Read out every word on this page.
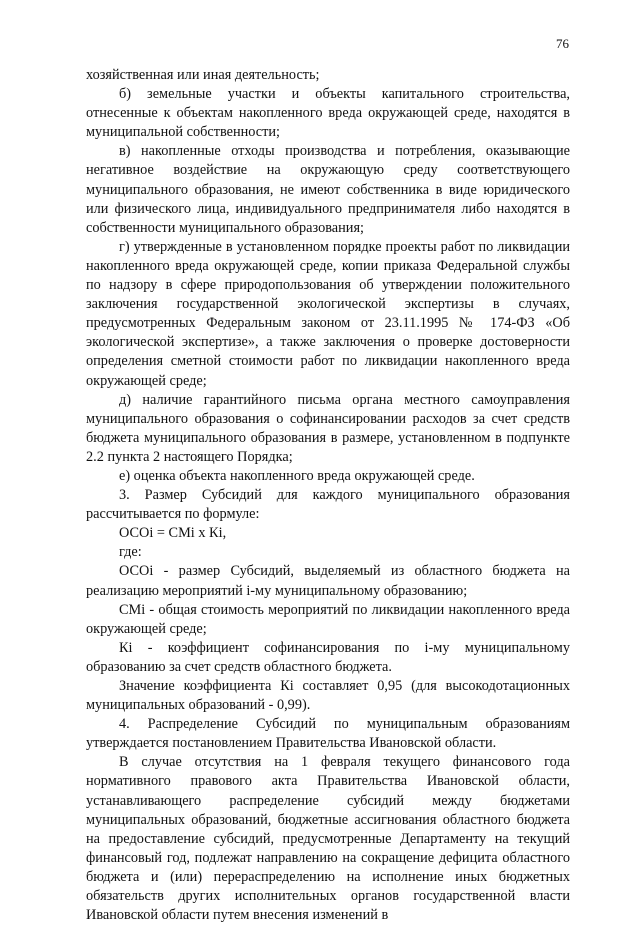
76

хозяйственная или иная деятельность;

б) земельные участки и объекты капитального строительства, отнесенные к объектам накопленного вреда окружающей среде, находятся в муниципальной собственности;

в) накопленные отходы производства и потребления, оказывающие негативное воздействие на окружающую среду соответствующего муниципального образования, не имеют собственника в виде юридического или физического лица, индивидуального предпринимателя либо находятся в собственности муниципального образования;

г) утвержденные в установленном порядке проекты работ по ликвидации накопленного вреда окружающей среде, копии приказа Федеральной службы по надзору в сфере природопользования об утверждении положительного заключения государственной экологической экспертизы в случаях, предусмотренных Федеральным законом от 23.11.1995 № 174-ФЗ «Об экологической экспертизе», а также заключения о проверке достоверности определения сметной стоимости работ по ликвидации накопленного вреда окружающей среде;

д) наличие гарантийного письма органа местного самоуправления муниципального образования о софинансировании расходов за счет средств бюджета муниципального образования в размере, установленном в подпункте 2.2 пункта 2 настоящего Порядка;

е) оценка объекта накопленного вреда окружающей среде.

3. Размер Субсидий для каждого муниципального образования рассчитывается по формуле:

ОСОi = СМi x Кi,

где:

ОСОi - размер Субсидий, выделяемый из областного бюджета на реализацию мероприятий i-му муниципальному образованию;

СМi - общая стоимость мероприятий по ликвидации накопленного вреда окружающей среде;

Кi - коэффициент софинансирования по i-му муниципальному образованию за счет средств областного бюджета.

Значение коэффициента Кi составляет 0,95 (для высокодотационных муниципальных образований - 0,99).

4. Распределение Субсидий по муниципальным образованиям утверждается постановлением Правительства Ивановской области.

В случае отсутствия на 1 февраля текущего финансового года нормативного правового акта Правительства Ивановской области, устанавливающего распределение субсидий между бюджетами муниципальных образований, бюджетные ассигнования областного бюджета на предоставление субсидий, предусмотренные Департаменту на текущий финансовый год, подлежат направлению на сокращение дефицита областного бюджета и (или) перераспределению на исполнение иных бюджетных обязательств других исполнительных органов государственной власти Ивановской области путем внесения изменений в
